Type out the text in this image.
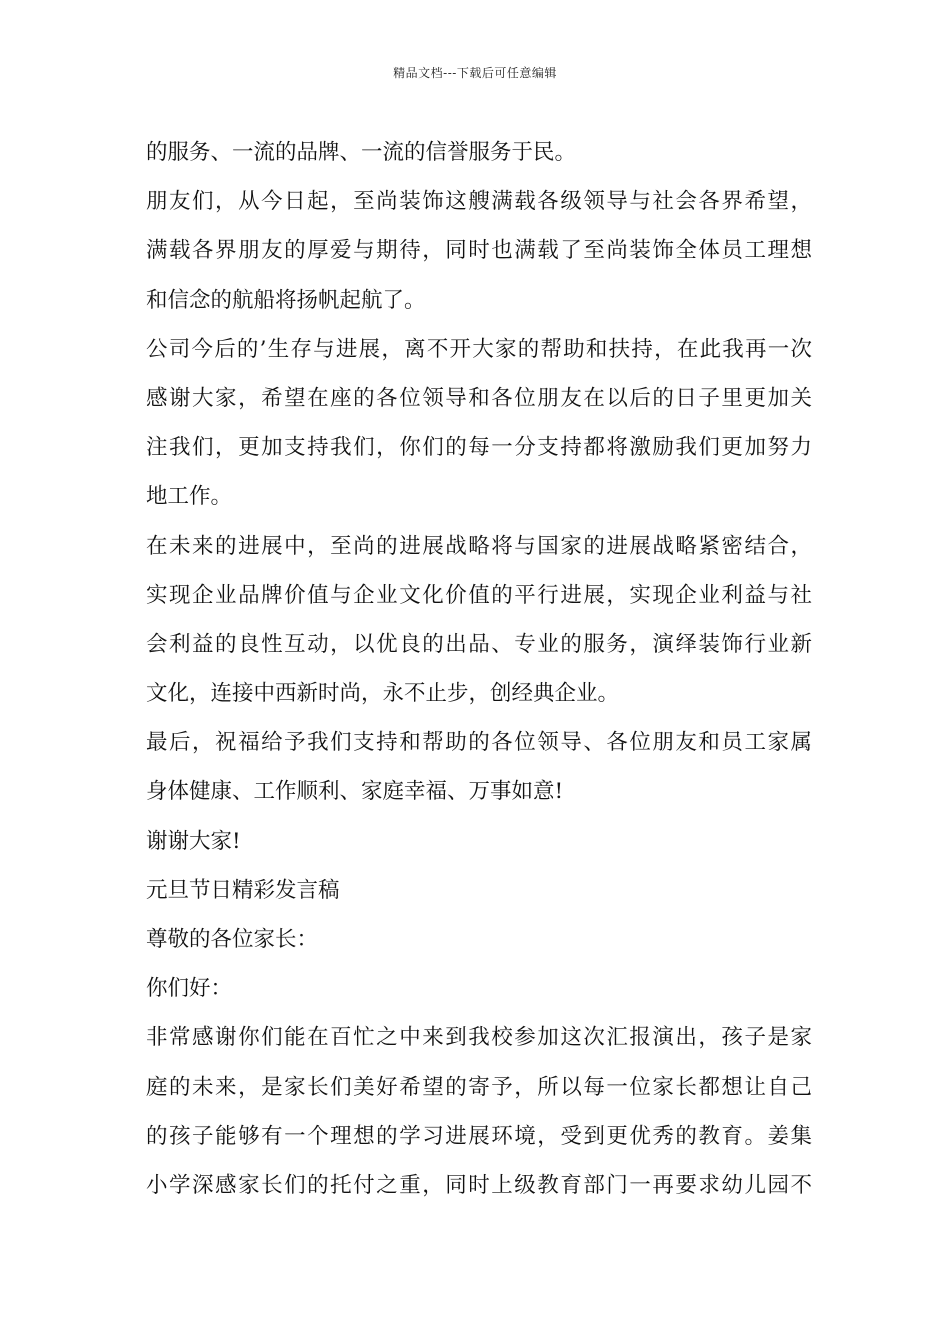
精品文档---下载后可任意编辑
的服务、一流的品牌、一流的信誉服务于民。
朋友们，从今日起，至尚装饰这艘满载各级领导与社会各界希望，
满载各界朋友的厚爱与期待，同时也满载了至尚装饰全体员工理想
和信念的航船将扬帆起航了。
公司今后的’生存与进展，离不开大家的帮助和扶持，在此我再一次
感谢大家，希望在座的各位领导和各位朋友在以后的日子里更加关
注我们，更加支持我们，你们的每一分支持都将激励我们更加努力
地工作。
在未来的进展中，至尚的进展战略将与国家的进展战略紧密结合，
实现企业品牌价值与企业文化价值的平行进展，实现企业利益与社
会利益的良性互动，以优良的出品、专业的服务，演绎装饰行业新
文化，连接中西新时尚，永不止步，创经典企业。
最后，祝福给予我们支持和帮助的各位领导、各位朋友和员工家属
身体健康、工作顺利、家庭幸福、万事如意!
谢谢大家!
元旦节日精彩发言稿
尊敬的各位家长：
你们好：
非常感谢你们能在百忙之中来到我校参加这次汇报演出，孩子是家
庭的未来，是家长们美好希望的寄予，所以每一位家长都想让自己
的孩子能够有一个理想的学习进展环境，受到更优秀的教育。姜集
小学深感家长们的托付之重，同时上级教育部门一再要求幼儿园不
